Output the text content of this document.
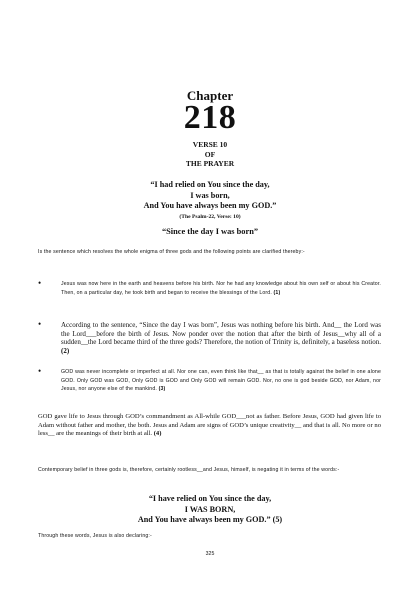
Chapter
218
VERSE 10
OF
THE PRAYER
“I had relied on You since the day,
I was born,
And You have always been my GOD.”
(The Psalm-22, Verse: 10)
“Since the day I was born”
Is the sentence which resolves the whole enigma of three gods and the following points are clarified thereby:-
•	Jesus was now here in the earth and heavens before his birth. Nor he had any knowledge about his own self or about his Creator. Then, on a particular day, he took birth and began to receive the blessings of the Lord. (1)
•	According to the sentence, “Since the day I was born”, Jesus was nothing before his birth. And__ the Lord was the Lord___before the birth of Jesus. Now ponder over the notion that after the birth of Jesus__why all of a sudden__the Lord became third of the three gods? Therefore, the notion of Trinity is, definitely, a baseless notion. (2)
•	GOD was never incomplete or imperfect at all. Nor one can, even think like that__ as that is totally against the belief in one alone GOD. Only GOD was GOD, Only GOD is GOD and Only GOD will remain GOD. Nor, no one is god beside GOD, nor Adam, nor Jesus, nor anyone else of the mankind. (3)
GOD gave life to Jesus through GOD’s commandment as All-while GOD___not as father. Before Jesus, GOD had given life to Adam without father and mother, the both. Jesus and Adam are signs of GOD’s unique creativity__ and that is all. No more or no less__ are the meanings of their birth at all. (4)
Contemporary belief in three gods is, therefore, certainly rootless__and Jesus, himself, is negating it in terms of the words:-
“I have relied on You since the day,
I WAS BORN,
And You have always been my GOD.” (5)
Through these words, Jesus is also declaring:-
325
